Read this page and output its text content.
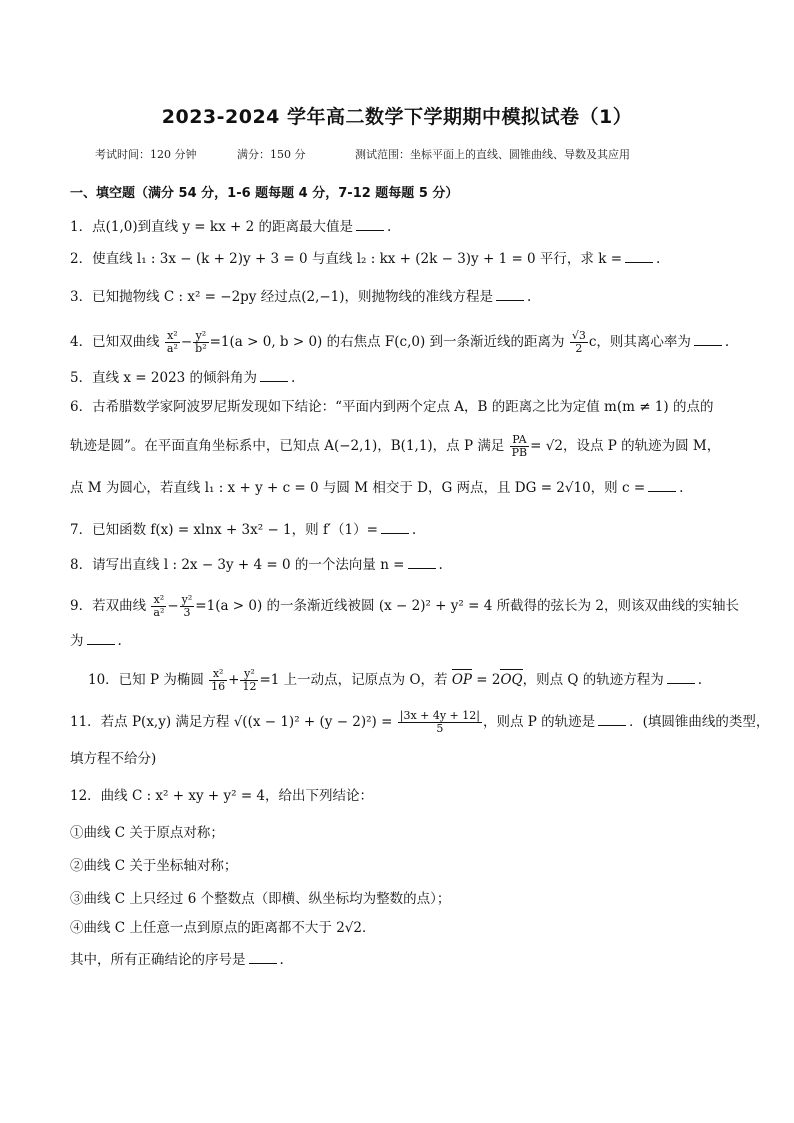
2023-2024 学年高二数学下学期期中模拟试卷（1）
考试时间：120 分钟	满分：150 分	测试范围：坐标平面上的直线、圆锥曲线、导数及其应用
一、填空题（满分 54 分，1-6 题每题 4 分，7-12 题每题 5 分）
1．点(1,0)到直线 y = kx + 2 的距离最大值是	.
2．使直线 l₁ : 3x − (k + 2)y + 3 = 0 与直线 l₂ : kx + (2k − 3)y + 1 = 0 平行，求 k =	.
3．已知抛物线 C : x² = −2py 经过点(2,−1)，则抛物线的准线方程是	.
4．已知双曲线 $\frac{\text{x²}}{\text{a²}} - \frac{\text{y²}}{\text{b²}} =1(a > 0$, b > 0) 的右焦点 F(c,0) 到一条渐近线的距离为 $\frac{√3}{2}$ c，则其离心率为	.
5．直线 x = 2023 的倾斜角为	.
6．古希腊数学家阿波罗尼斯发现如下结论：“平面内到两个定点 A，B 的距离之比为定值 m(m ≠ 1) 的点的
轨迹是圆”。在平面直角坐标系中，已知点 A(−2,1)，B(1,1)，点 P 满足 $\frac{PA}{PB} = √2$，设点 P 的轨迹为圆 M，
点 M 为圆心，若直线 l₁ : x + y + c = 0 与圆 M 相交于 D，G 两点，且 DG = 2√10，则 c =	.
7．已知函数 f(x) = xlnx + 3x² − 1，则 f′（1）=	.
8．请写出直线 l : 2x − 3y + 4 = 0 的一个法向量 n =	.
9．若双曲线 $\frac{\text{x²}}{\text{a²}} - \frac{\text{y²}}{3} =1(a > 0)$ 的一条渐近线被圆 (x − 2)² + y² = 4 所截得的弦长为 2，则该双曲线的实轴长
为	.
10．已知 P 为椭圆 $\frac{\text{x²}}{16} + \frac{\text{y²}}{12} =1$ 上一动点，记原点为 O，若 OP = 2OQ，则点 Q 的轨迹方程为	.
11．若点 P(x,y) 满足方程 $√((x - 1)^2 + (y - 2)^2) = \frac{|3x + 4y + 12|}{5}$ ，则点 P 的轨迹是	．(填圆锥曲线的类型，
填方程不给分)
12．曲线 C : x² + xy + y² = 4，给出下列结论：
①曲线 C 关于原点对称；
②曲线 C 关于坐标轴对称；
③曲线 C 上只经过 6 个整数点（即横、纵坐标均为整数的点）；
④曲线 C 上任意一点到原点的距离都不大于 2√2．
其中，所有正确结论的序号是	.
